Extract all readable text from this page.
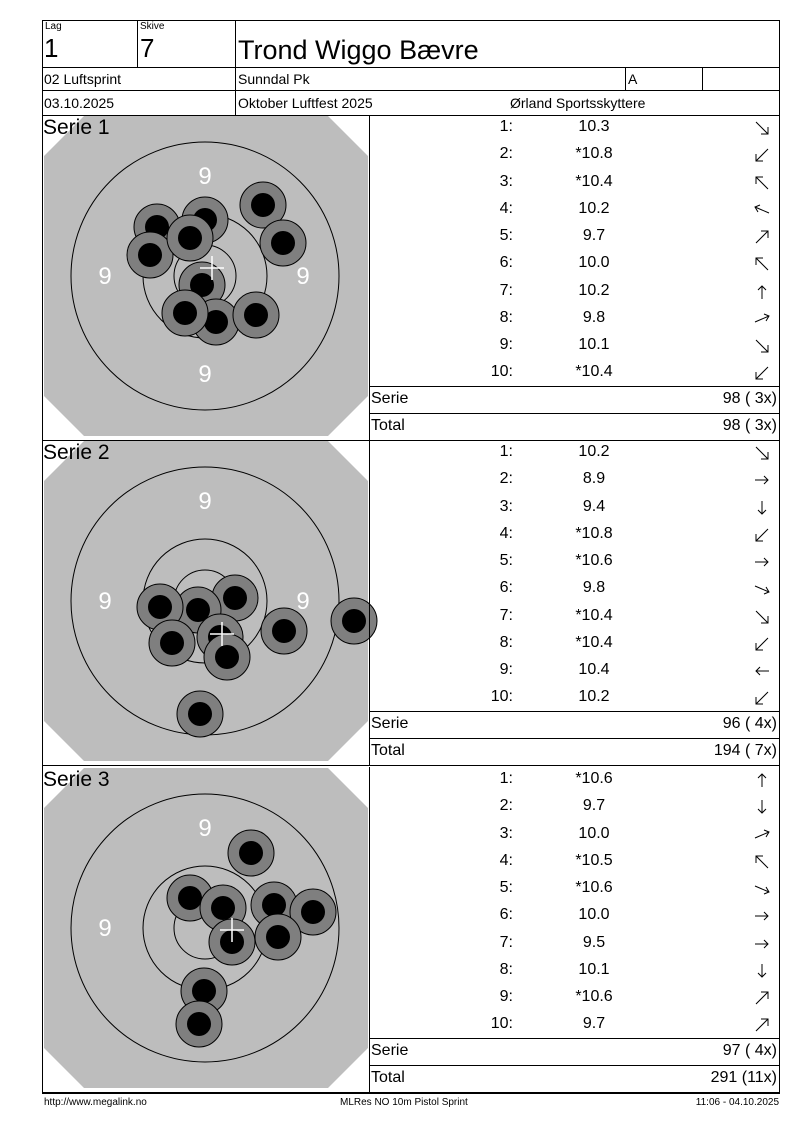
Lag
1
Skive
7	Trond Wiggo Bævre
02 Luftsprint	Sunndal Pk	A
03.10.2025	Oktober Luftfest 2025	Ørland Sportsskyttere
9
9	9
9
Serie 1	1:	10.3
2:	*10.8
3:	*10.4
4:	10.2
5:	9.7
6:	10.0
7:	10.2
8:	9.8
9:	10.1
10:	*10.4
Serie	98 ( 3x)
Total	98 ( 3x)
9
9	9
Serie 2	1:	10.2
2:	8.9
3:	9.4
4:	*10.8
5:	*10.6
6:	9.8
7:	*10.4
8:	*10.4
9:	10.4
10:	10.2
Serie	96 ( 4x)
Total	194 ( 7x)
9
9
Serie 3	1:	*10.6
2:	9.7
3:	10.0
4:	*10.5
5:	*10.6
6:	10.0
7:	9.5
8:	10.1
9:	*10.6
10:	9.7
Serie	97 ( 4x)
Total	291 (11x)
http://www.megalink.no	MLRes NO 10m Pistol Sprint	11:06 - 04.10.2025
